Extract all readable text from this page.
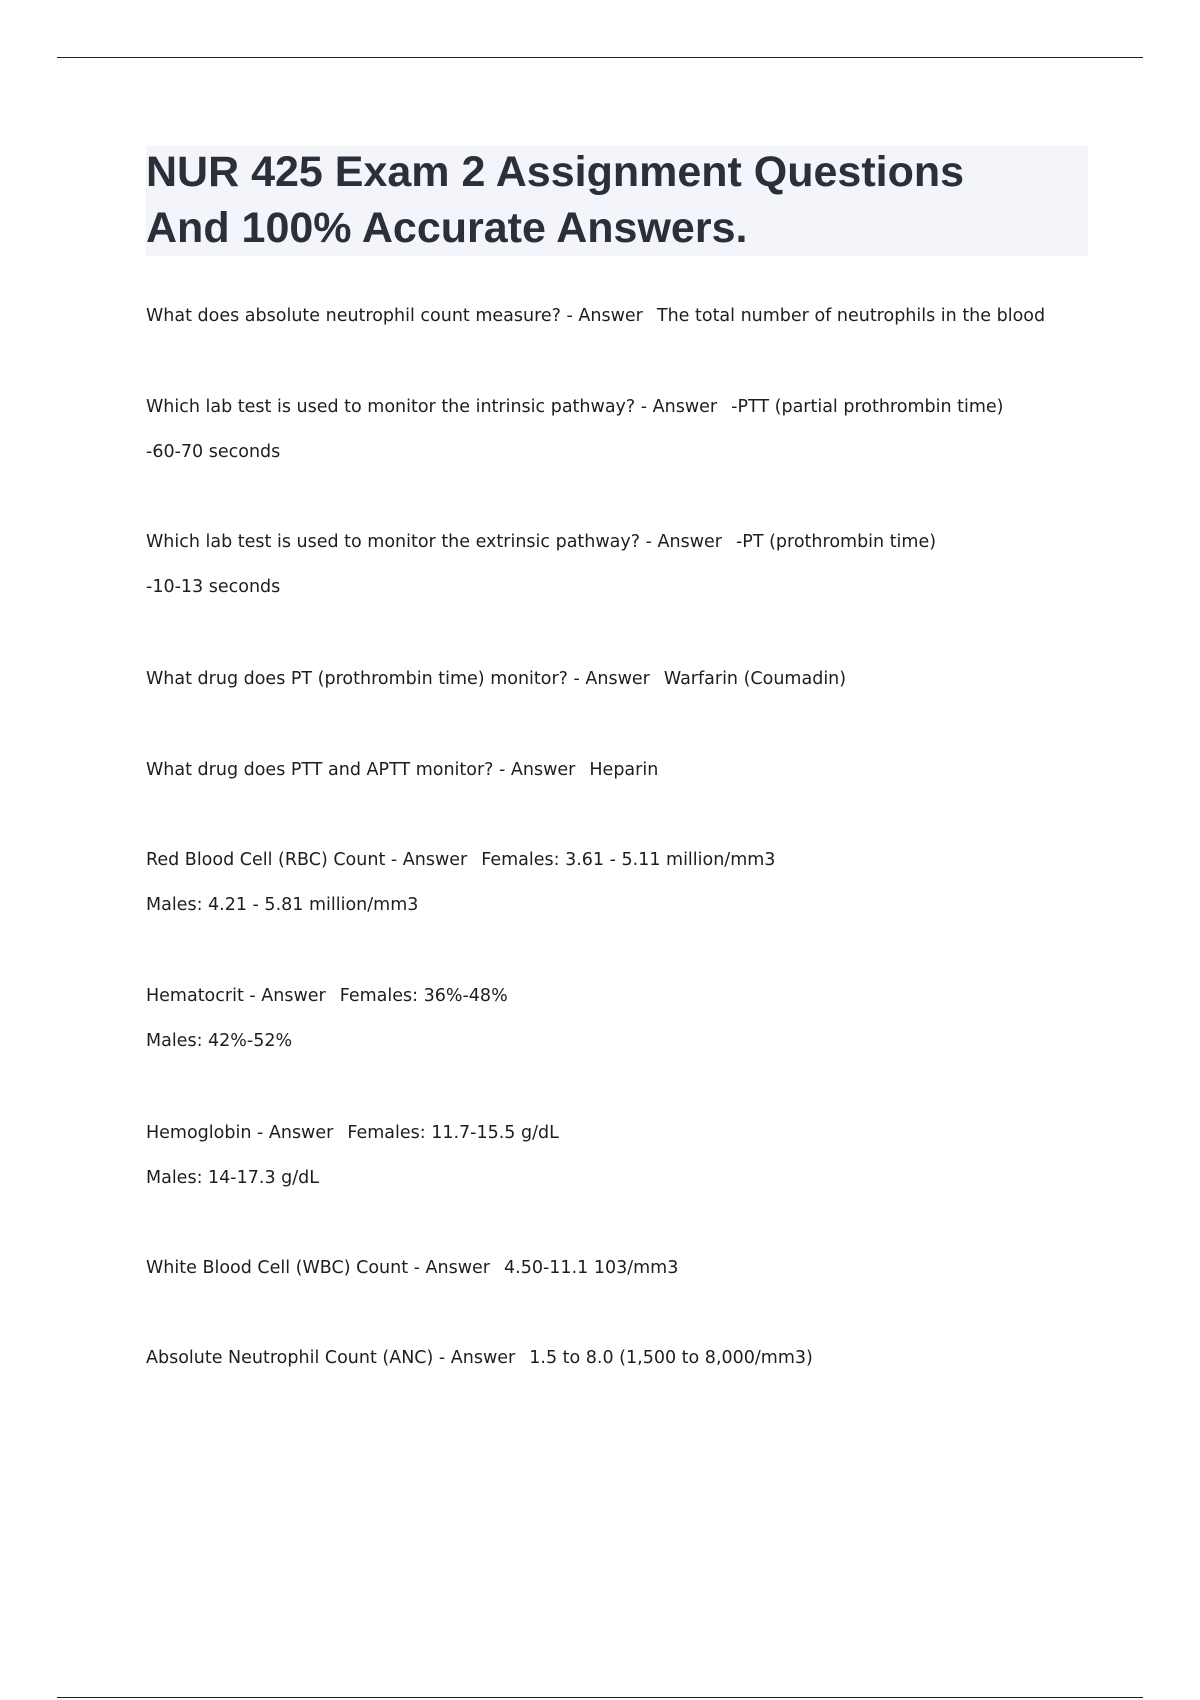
NUR 425 Exam 2 Assignment Questions
And 100% Accurate Answers.
What does absolute neutrophil count measure? - Answer The total number of neutrophils in the blood
Which lab test is used to monitor the intrinsic pathway? - Answer -PTT (partial prothrombin time)
-60-70 seconds
Which lab test is used to monitor the extrinsic pathway? - Answer -PT (prothrombin time)
-10-13 seconds
What drug does PT (prothrombin time) monitor? - Answer Warfarin (Coumadin)
What drug does PTT and APTT monitor? - Answer Heparin
Red Blood Cell (RBC) Count - Answer Females: 3.61 - 5.11 million/mm3
Males: 4.21 - 5.81 million/mm3
Hematocrit - Answer Females: 36%-48%
Males: 42%-52%
Hemoglobin - Answer Females: 11.7-15.5 g/dL
Males: 14-17.3 g/dL
White Blood Cell (WBC) Count - Answer 4.50-11.1 103/mm3
Absolute Neutrophil Count (ANC) - Answer 1.5 to 8.0 (1,500 to 8,000/mm3)
